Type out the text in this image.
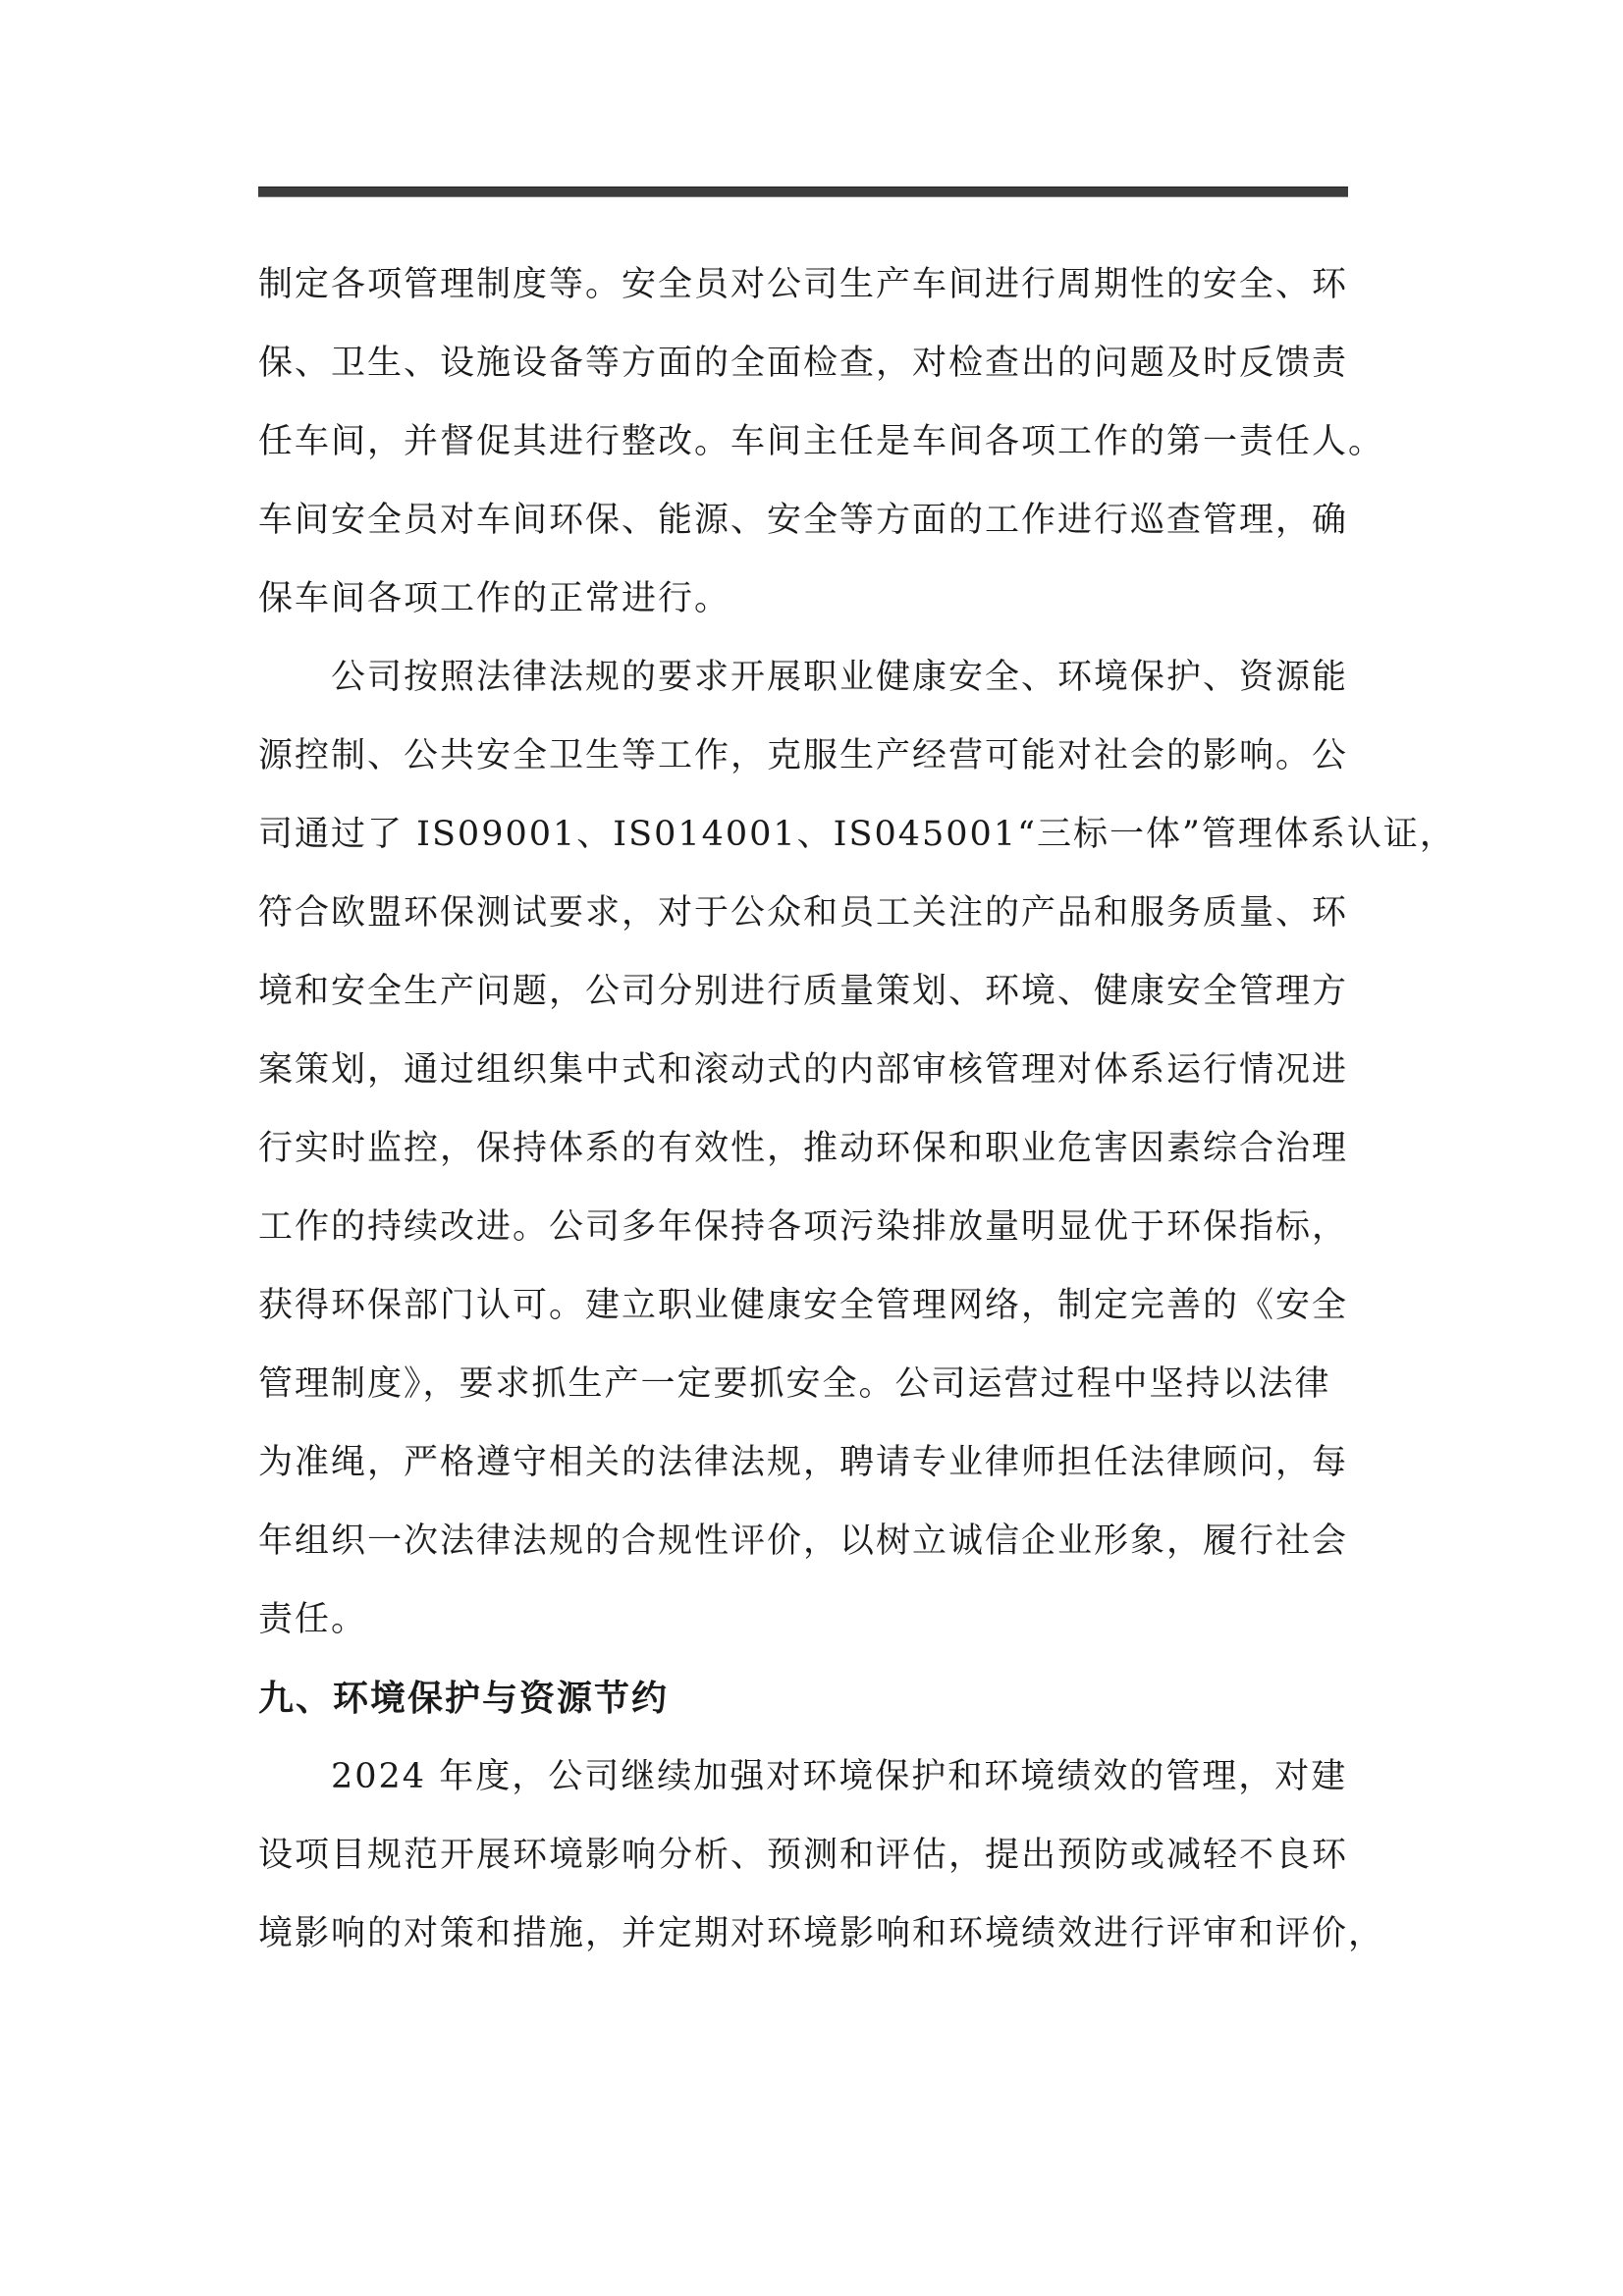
制定各项管理制度等。安全员对公司生产车间进行周期性的安全、环
保、卫生、设施设备等方面的全面检查，对检查出的问题及时反馈责
任车间，并督促其进行整改。车间主任是车间各项工作的第一责任人。
车间安全员对车间环保、能源、安全等方面的工作进行巡查管理，确
保车间各项工作的正常进行。
　　公司按照法律法规的要求开展职业健康安全、环境保护、资源能
源控制、公共安全卫生等工作，克服生产经营可能对社会的影响。公
司通过了 IS09001、IS014001、IS045001“三标一体”管理体系认证，
符合欧盟环保测试要求，对于公众和员工关注的产品和服务质量、环
境和安全生产问题，公司分别进行质量策划、环境、健康安全管理方
案策划，通过组织集中式和滚动式的内部审核管理对体系运行情况进
行实时监控，保持体系的有效性，推动环保和职业危害因素综合治理
工作的持续改进。公司多年保持各项污染排放量明显优于环保指标，
获得环保部门认可。建立职业健康安全管理网络，制定完善的《安全
管理制度》，要求抓生产一定要抓安全。公司运营过程中坚持以法律
为准绳，严格遵守相关的法律法规，聘请专业律师担任法律顾问，每
年组织一次法律法规的合规性评价，以树立诚信企业形象，履行社会
责任。
九、环境保护与资源节约
　　2024 年度，公司继续加强对环境保护和环境绩效的管理，对建
设项目规范开展环境影响分析、预测和评估，提出预防或减轻不良环
境影响的对策和措施，并定期对环境影响和环境绩效进行评审和评价，
